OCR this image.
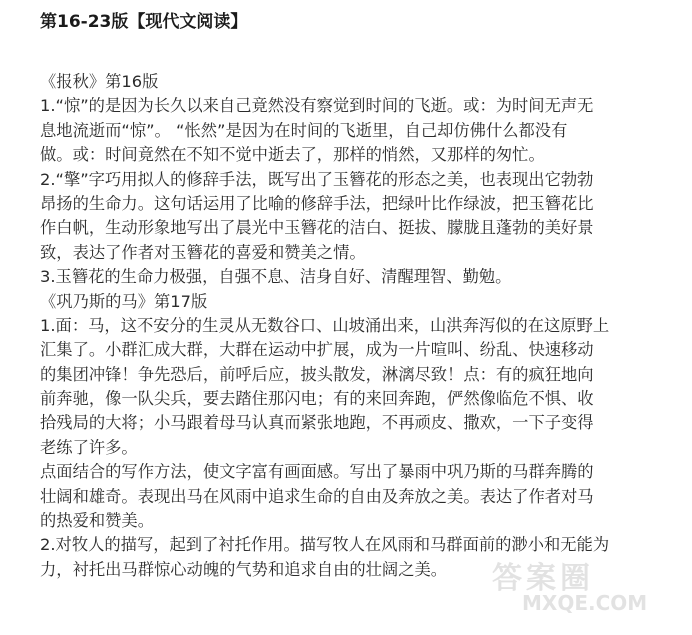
第16-23版【现代文阅读】
《报秋》第16版
1.“惊”的是因为长久以来自己竟然没有察觉到时间的飞逝。或：为时间无声无
息地流逝而“惊”。 “怅然”是因为在时间的飞逝里，自己却仿佛什么都没有
做。或：时间竟然在不知不觉中逝去了，那样的悄然，又那样的匆忙。
2.“擎”字巧用拟人的修辞手法，既写出了玉簪花的形态之美，也表现出它勃勃
昂扬的生命力。这句话运用了比喻的修辞手法，把绿叶比作绿波，把玉簪花比
作白帆，生动形象地写出了晨光中玉簪花的洁白、挺拔、朦胧且蓬勃的美好景
致，表达了作者对玉簪花的喜爱和赞美之情。
3.玉簪花的生命力极强，自强不息、洁身自好、清醒理智、勤勉。
《巩乃斯的马》第17版
1.面：马，这不安分的生灵从无数谷口、山坡涌出来，山洪奔泻似的在这原野上
汇集了。小群汇成大群，大群在运动中扩展，成为一片喧叫、纷乱、快速移动
的集团冲锋！争先恐后，前呼后应，披头散发，淋漓尽致！点：有的疯狂地向
前奔驰，像一队尖兵，要去踏住那闪电；有的来回奔跑，俨然像临危不惧、收
拾残局的大将；小马跟着母马认真而紧张地跑，不再顽皮、撒欢，一下子变得
老练了许多。
点面结合的写作方法，使文字富有画面感。写出了暴雨中巩乃斯的马群奔腾的
壮阔和雄奇。表现出马在风雨中追求生命的自由及奔放之美。表达了作者对马
的热爱和赞美。
2.对牧人的描写，起到了衬托作用。描写牧人在风雨和马群面前的渺小和无能为
力，衬托出马群惊心动魄的气势和追求自由的壮阔之美。	答案圈
MXQE.COM
